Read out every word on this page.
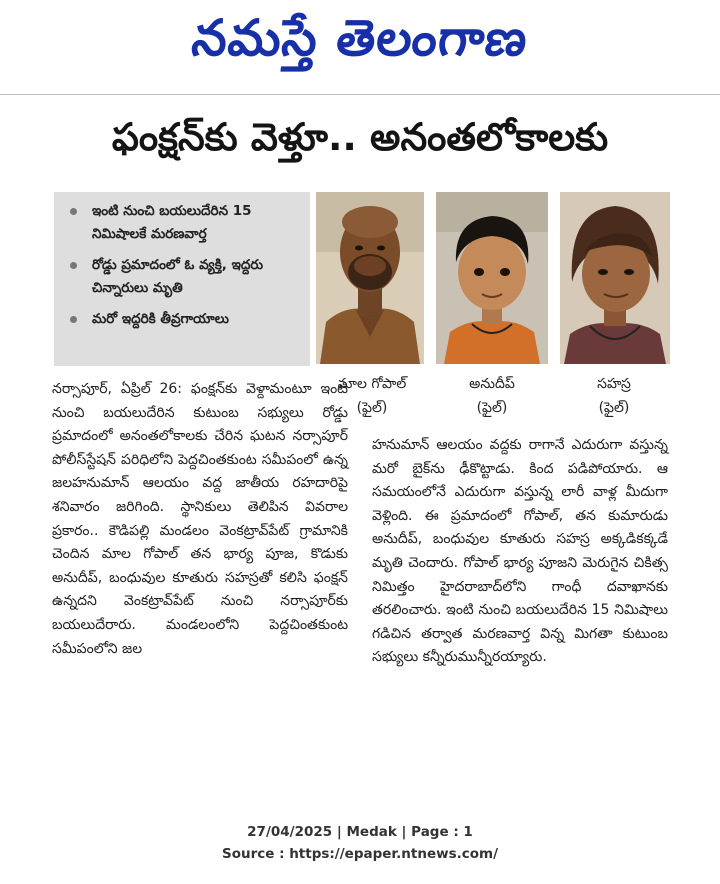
నమస్తే తెలంగాణ
ఫంక్షన్‌కు వెళ్తూ.. అనంతలోకాలకు
ఇంటి నుంచి బయలుదేరిన 15 నిమిషాలకే మరణవార్త
రోడ్డు ప్రమాదంలో ఓ వ్యక్తి, ఇద్దరు చిన్నారులు మృతి
మరో ఇద్దరికి తీవ్రగాయాలు
మాల గోపాల్
(ఫైల్)
అనుదీప్
(ఫైల్)
సహస్ర
(ఫైల్)

నర్సాపూర్, ఏప్రిల్ 26: ఫంక్షన్‌కు వెళ్దామంటూ ఇంటి నుంచి బయలుదేరిన కుటుంబ సభ్యులు రోడ్డు ప్రమాదంలో అనంతలోకాలకు చేరిన ఘటన నర్సాపూర్ పోలీస్‌స్టేషన్ పరిధిలోని పెద్దచింతకుంట సమీపంలో ఉన్న జలహనుమాన్ ఆలయం వద్ద జాతీయ రహదారిపై శనివారం జరిగింది. స్థానికులు తెలిపిన వివరాల ప్రకారం.. కౌడిపల్లి మండలం వెంకట్రావ్‌పేట్ గ్రామానికి చెందిన మాల గోపాల్ తన భార్య పూజ, కొడుకు అనుదీప్, బంధువుల కూతురు సహస్రతో కలిసి ఫంక్షన్ ఉన్నదని వెంకట్రావ్‌పేట్ నుంచి నర్సాపూర్‌కు బయలుదేరారు. మండలంలోని పెద్దచింతకుంట సమీపంలోని జల

హనుమాన్ ఆలయం వద్దకు రాగానే ఎదురుగా వస్తున్న మరో బైక్‌ను ఢీకొట్టాడు. కింద పడిపోయారు. ఆ సమయంలోనే ఎదురుగా వస్తున్న లారీ వాళ్ల మీదుగా వెళ్లింది. ఈ ప్రమాదంలో గోపాల్, తన కుమారుడు అనుదీప్, బంధువుల కూతురు సహస్ర అక్కడికక్కడే మృతి చెందారు. గోపాల్ భార్య పూజని మెరుగైన చికిత్స నిమిత్తం హైదరాబాద్‌లోని గాంధీ దవాఖానకు తరలించారు. ఇంటి నుంచి బయలుదేరిన 15 నిమిషాలు గడిచిన తర్వాత మరణవార్త విన్న మిగతా కుటుంబ సభ్యులు కన్నీరుమున్నీరయ్యారు.

27/04/2025 | Medak | Page : 1
Source : https://epaper.ntnews.com/
